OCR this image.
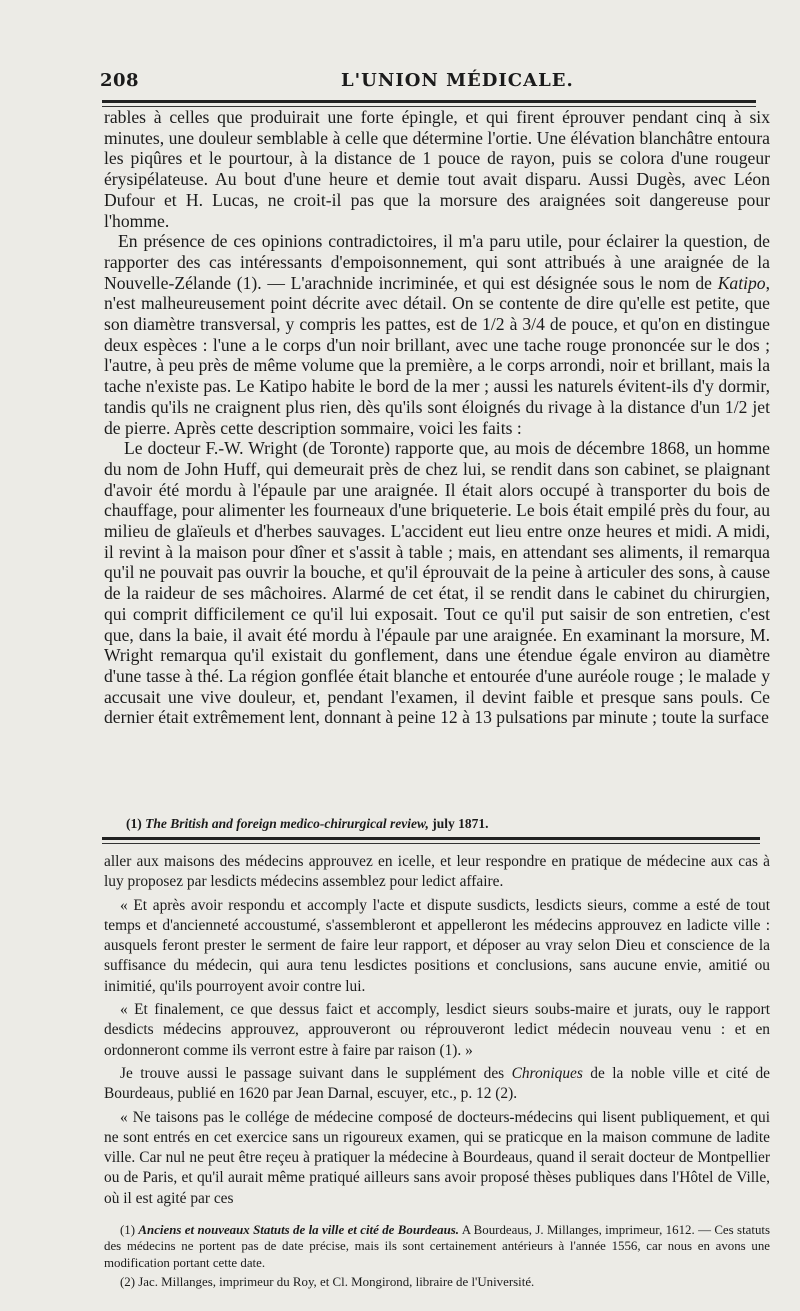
208	L'UNION MÉDICALE.

rables à celles que produirait une forte épingle, et qui firent éprouver pendant cinq à six minutes, une douleur semblable à celle que détermine l'ortie. Une élévation blanchâtre entoura les piqûres et le pourtour, à la distance de 1 pouce de rayon, puis se colora d'une rougeur érysipélateuse. Au bout d'une heure et demie tout avait disparu. Aussi Dugès, avec Léon Dufour et H. Lucas, ne croit-il pas que la morsure des araignées soit dangereuse pour l'homme.

En présence de ces opinions contradictoires, il m'a paru utile, pour éclairer la question, de rapporter des cas intéressants d'empoisonnement, qui sont attribués à une araignée de la Nouvelle-Zélande (1). — L'arachnide incriminée, et qui est désignée sous le nom de Katipo, n'est malheureusement point décrite avec détail. On se contente de dire qu'elle est petite, que son diamètre transversal, y compris les pattes, est de 1/2 à 3/4 de pouce, et qu'on en distingue deux espèces : l'une a le corps d'un noir brillant, avec une tache rouge prononcée sur le dos ; l'autre, à peu près de même volume que la première, a le corps arrondi, noir et brillant, mais la tache n'existe pas. Le Katipo habite le bord de la mer ; aussi les naturels évitent-ils d'y dormir, tandis qu'ils ne craignent plus rien, dès qu'ils sont éloignés du rivage à la distance d'un 1/2 jet de pierre. Après cette description sommaire, voici les faits :

Le docteur F.-W. Wright (de Toronte) rapporte que, au mois de décembre 1868, un homme du nom de John Huff, qui demeurait près de chez lui, se rendit dans son cabinet, se plaignant d'avoir été mordu à l'épaule par une araignée. Il était alors occupé à transporter du bois de chauffage, pour alimenter les fourneaux d'une briqueterie. Le bois était empilé près du four, au milieu de glaïeuls et d'herbes sauvages. L'accident eut lieu entre onze heures et midi. A midi, il revint à la maison pour dîner et s'assit à table ; mais, en attendant ses aliments, il remarqua qu'il ne pouvait pas ouvrir la bouche, et qu'il éprouvait de la peine à articuler des sons, à cause de la raideur de ses mâchoires. Alarmé de cet état, il se rendit dans le cabinet du chirurgien, qui comprit difficilement ce qu'il lui exposait. Tout ce qu'il put saisir de son entretien, c'est que, dans la baie, il avait été mordu à l'épaule par une araignée. En examinant la morsure, M. Wright remarqua qu'il existait du gonflement, dans une étendue égale environ au diamètre d'une tasse à thé. La région gonflée était blanche et entourée d'une auréole rouge ; le malade y accusait une vive douleur, et, pendant l'examen, il devint faible et presque sans pouls. Ce dernier était extrêmement lent, donnant à peine 12 à 13 pulsations par minute ; toute la surface

(1) The British and foreign medico-chirurgical review, july 1871.

aller aux maisons des médecins approuvez en icelle, et leur respondre en pratique de médecine aux cas à luy proposez par lesdicts médecins assemblez pour ledict affaire.

« Et après avoir respondu et accomply l'acte et dispute susdicts, lesdicts sieurs, comme a esté de tout temps et d'ancienneté accoustumé, s'assembleront et appelleront les médecins approuvez en ladicte ville : ausquels feront prester le serment de faire leur rapport, et déposer au vray selon Dieu et conscience de la suffisance du médecin, qui aura tenu lesdictes positions et conclusions, sans aucune envie, amitié ou inimitié, qu'ils pourroyent avoir contre lui.

« Et finalement, ce que dessus faict et accomply, lesdict sieurs soubs-maire et jurats, ouy le rapport desdicts médecins approuvez, approuveront ou réprouveront ledict médecin nouveau venu : et en ordonneront comme ils verront estre à faire par raison (1). »

Je trouve aussi le passage suivant dans le supplément des Chroniques de la noble ville et cité de Bourdeaus, publié en 1620 par Jean Darnal, escuyer, etc., p. 12 (2).

« Ne taisons pas le collége de médecine composé de docteurs-médecins qui lisent publiquement, et qui ne sont entrés en cet exercice sans un rigoureux examen, qui se praticque en la maison commune de ladite ville. Car nul ne peut être reçeu à pratiquer la médecine à Bourdeaus, quand il serait docteur de Montpellier ou de Paris, et qu'il aurait même pratiqué ailleurs sans avoir proposé thèses publiques dans l'Hôtel de Ville, où il est agité par ces

(1) Anciens et nouveaux Statuts de la ville et cité de Bourdeaus. A Bourdeaus, J. Millanges, imprimeur, 1612. — Ces statuts des médecins ne portent pas de date précise, mais ils sont certainement antérieurs à l'année 1556, car nous en avons une modification portant cette date.

(2) Jac. Millanges, imprimeur du Roy, et Cl. Mongirond, libraire de l'Université.
